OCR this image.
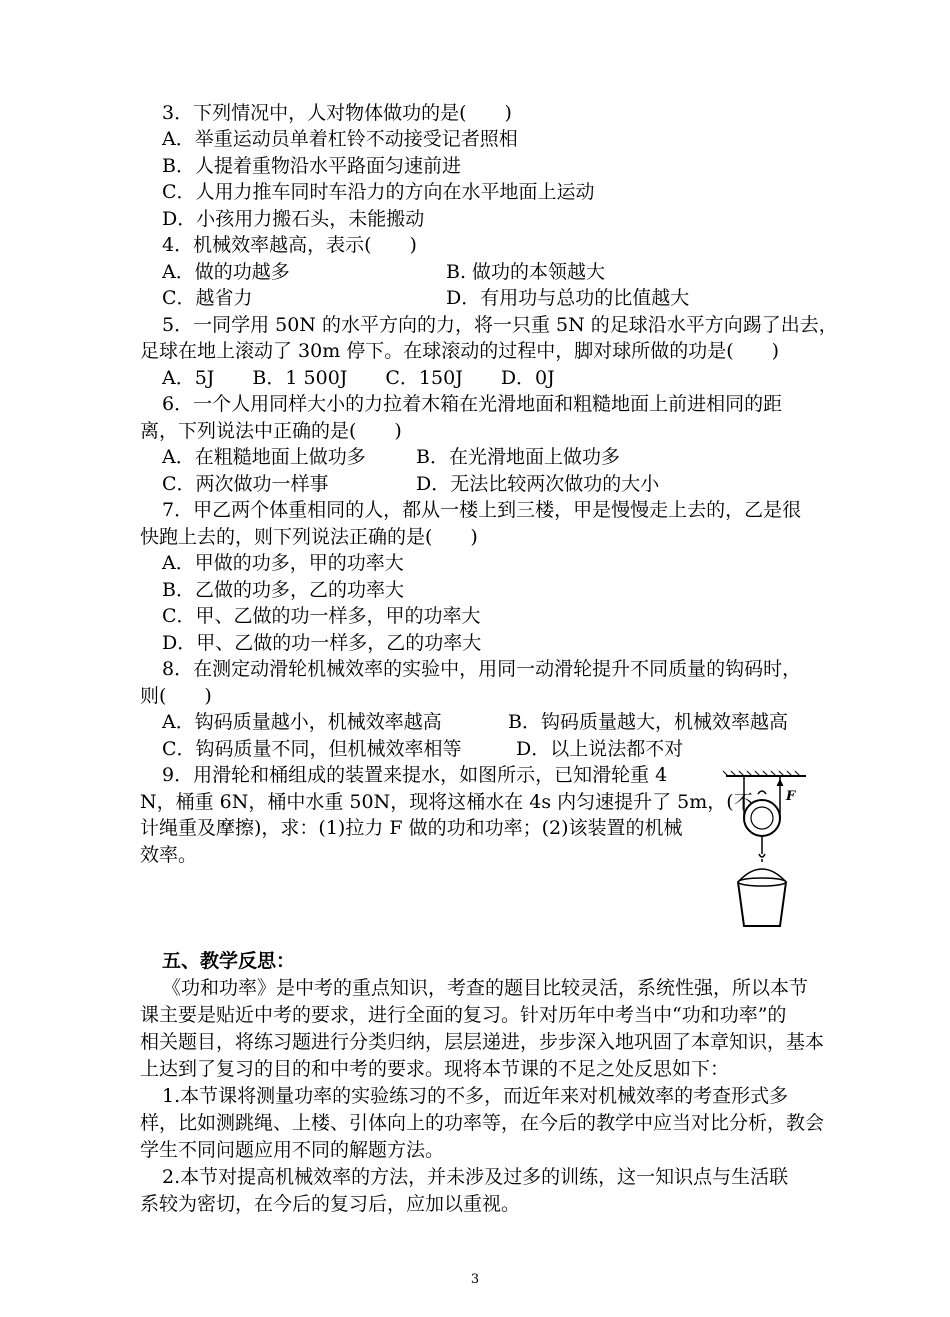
3．下列情况中，人对物体做功的是(　　)
A．举重运动员单着杠铃不动接受记者照相
B．人提着重物沿水平路面匀速前进
C．人用力推车同时车沿力的方向在水平地面上运动
D．小孩用力搬石头，未能搬动
4．机械效率越高，表示(　　)
A．做的功越多	B. 做功的本领越大
C．越省力	D．有用功与总功的比值越大
5．一同学用 50N 的水平方向的力，将一只重 5N 的足球沿水平方向踢了出去，
足球在地上滚动了 30m 停下。在球滚动的过程中，脚对球所做的功是(　　)
A．5J　　B．1 500J　　C．150J　　D．0J
6．一个人用同样大小的力拉着木箱在光滑地面和粗糙地面上前进相同的距
离，下列说法中正确的是(　　)
A．在粗糙地面上做功多	B．在光滑地面上做功多
C．两次做功一样事	D．无法比较两次做功的大小
7．甲乙两个体重相同的人，都从一楼上到三楼，甲是慢慢走上去的，乙是很
快跑上去的，则下列说法正确的是(　　)
A．甲做的功多，甲的功率大
B．乙做的功多，乙的功率大
C．甲、乙做的功一样多，甲的功率大
D．甲、乙做的功一样多，乙的功率大
8．在测定动滑轮机械效率的实验中，用同一动滑轮提升不同质量的钩码时，
则(　　)
A．钩码质量越小，机械效率越高	B．钩码质量越大，机械效率越高
C．钩码质量不同，但机械效率相等	D．以上说法都不对
9．用滑轮和桶组成的装置来提水，如图所示，已知滑轮重 4
N，桶重 6N，桶中水重 50N，现将这桶水在 4s 内匀速提升了 5m，(不
计绳重及摩擦)，求：(1)拉力 F 做的功和功率；(2)该装置的机械
效率。
F
五、教学反思：
《功和功率》是中考的重点知识，考查的题目比较灵活，系统性强，所以本节
课主要是贴近中考的要求，进行全面的复习。针对历年中考当中“功和功率”的
相关题目，将练习题进行分类归纳，层层递进，步步深入地巩固了本章知识，基本
上达到了复习的目的和中考的要求。现将本节课的不足之处反思如下：
1.本节课将测量功率的实验练习的不多，而近年来对机械效率的考查形式多
样，比如测跳绳、上楼、引体向上的功率等，在今后的教学中应当对比分析，教会
学生不同问题应用不同的解题方法。
2.本节对提高机械效率的方法，并未涉及过多的训练，这一知识点与生活联
系较为密切，在今后的复习后，应加以重视。
3
